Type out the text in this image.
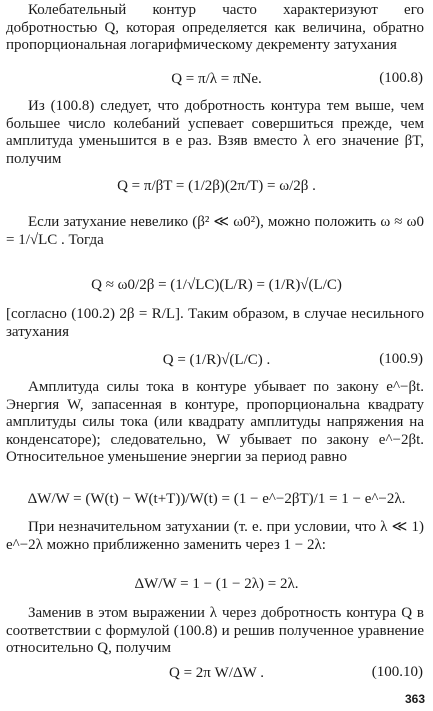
Колебательный контур часто характеризуют его добротностью Q, которая определяется как величина, обратно пропорциональная логарифмическому декременту затухания
Q = π/λ = πNe.	(100.8)
Из (100.8) следует, что добротность контура тем выше, чем большее число колебаний успевает совершиться прежде, чем амплитуда уменьшится в e раз. Взяв вместо λ его значение βT, получим
Q = π/βT = (1/2β)(2π/T) = ω/2β .
Если затухание невелико (β² ≪ ω0²), можно положить ω ≈ ω0 = 1/√LC . Тогда
Q ≈ ω0/2β = (1/√LC)(L/R) = (1/R)√(L/C)
[согласно (100.2) 2β = R/L]. Таким образом, в случае несильного затухания
Q = (1/R)√(L/C) .	(100.9)
Амплитуда силы тока в контуре убывает по закону e^−βt. Энергия W, запасенная в контуре, пропорциональна квадрату амплитуды силы тока (или квадрату амплитуды напряжения на конденсаторе); следовательно, W убывает по закону e^−2βt. Относительное уменьшение энергии за период равно
ΔW/W = (W(t) − W(t+T))/W(t) = (1 − e^−2βT)/1 = 1 − e^−2λ.
При незначительном затухании (т. е. при условии, что λ ≪ 1) e^−2λ можно приближенно заменить через 1 − 2λ:
ΔW/W = 1 − (1 − 2λ) = 2λ.
Заменив в этом выражении λ через добротность контура Q в соответствии с формулой (100.8) и решив полученное уравнение относительно Q, получим
Q = 2π W/ΔW .	(100.10)
363
